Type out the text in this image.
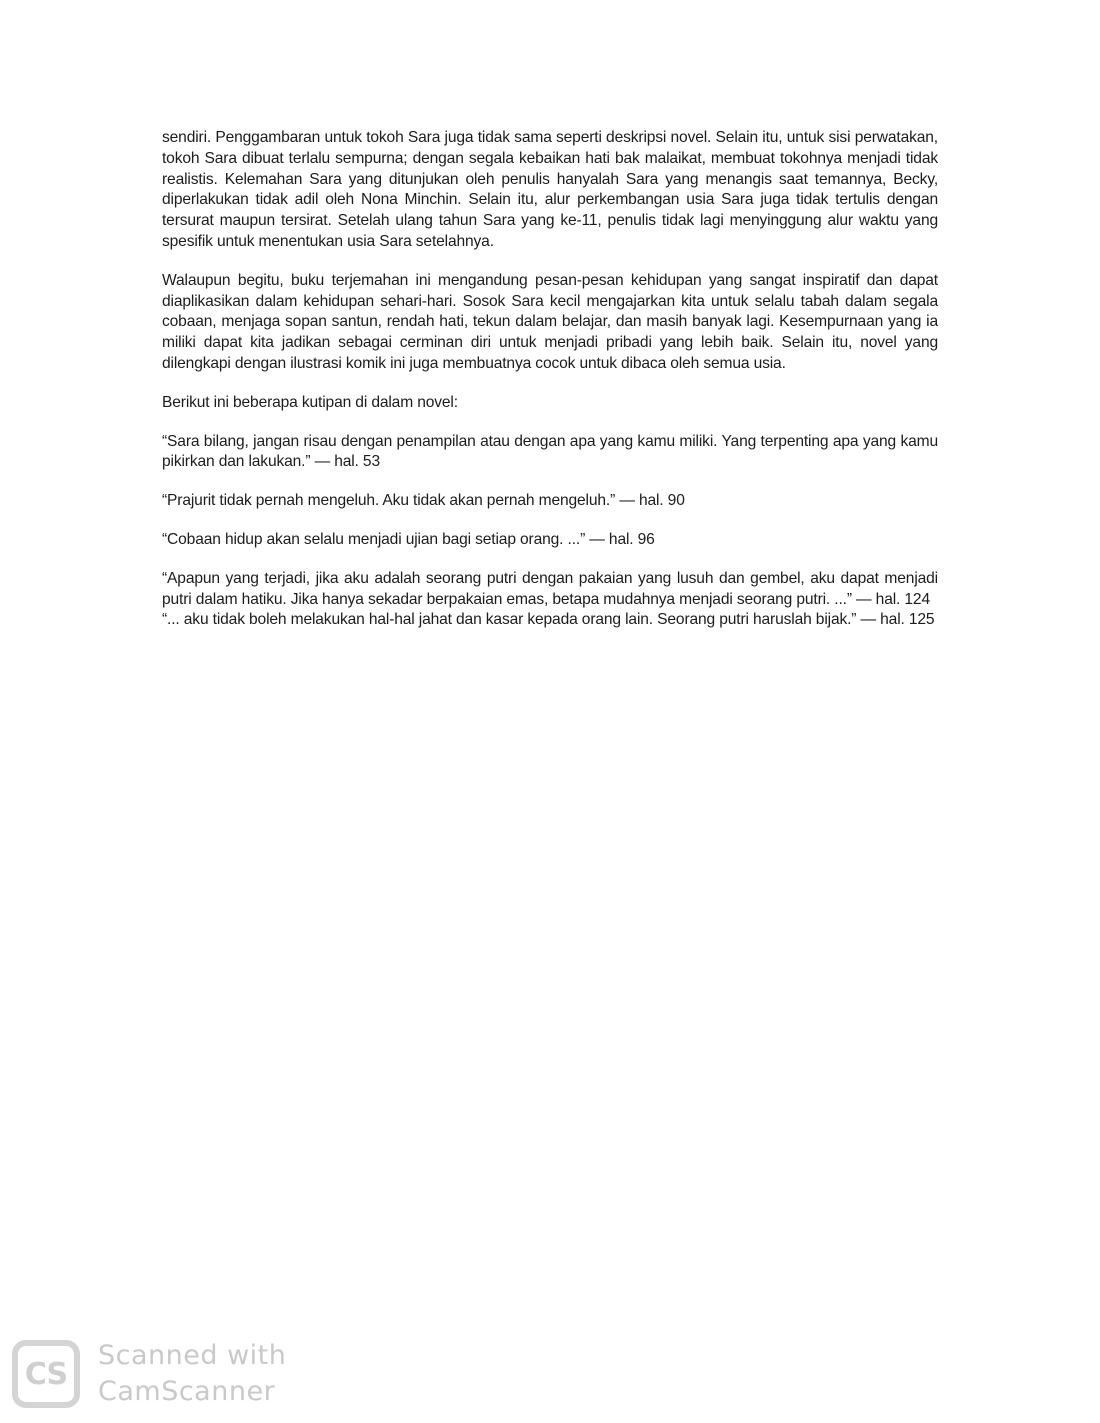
sendiri. Penggambaran untuk tokoh Sara juga tidak sama seperti deskripsi novel. Selain itu, untuk sisi perwatakan, tokoh Sara dibuat terlalu sempurna; dengan segala kebaikan hati bak malaikat, membuat tokohnya menjadi tidak realistis. Kelemahan Sara yang ditunjukan oleh penulis hanyalah Sara yang menangis saat temannya, Becky, diperlakukan tidak adil oleh Nona Minchin. Selain itu, alur perkembangan usia Sara juga tidak tertulis dengan tersurat maupun tersirat. Setelah ulang tahun Sara yang ke-11, penulis tidak lagi menyinggung alur waktu yang spesifik untuk menentukan usia Sara setelahnya.

Walaupun begitu, buku terjemahan ini mengandung pesan-pesan kehidupan yang sangat inspiratif dan dapat diaplikasikan dalam kehidupan sehari-hari. Sosok Sara kecil mengajarkan kita untuk selalu tabah dalam segala cobaan, menjaga sopan santun, rendah hati, tekun dalam belajar, dan masih banyak lagi. Kesempurnaan yang ia miliki dapat kita jadikan sebagai cerminan diri untuk menjadi pribadi yang lebih baik. Selain itu, novel yang dilengkapi dengan ilustrasi komik ini juga membuatnya cocok untuk dibaca oleh semua usia.

Berikut ini beberapa kutipan di dalam novel:

“Sara bilang, jangan risau dengan penampilan atau dengan apa yang kamu miliki. Yang terpenting apa yang kamu pikirkan dan lakukan.” — hal. 53

“Prajurit tidak pernah mengeluh. Aku tidak akan pernah mengeluh.” — hal. 90

“Cobaan hidup akan selalu menjadi ujian bagi setiap orang. ...” — hal. 96

“Apapun yang terjadi, jika aku adalah seorang putri dengan pakaian yang lusuh dan gembel, aku dapat menjadi putri dalam hatiku. Jika hanya sekadar berpakaian emas, betapa mudahnya menjadi seorang putri. ...” — hal. 124

“... aku tidak boleh melakukan hal-hal jahat dan kasar kepada orang lain. Seorang putri haruslah bijak.” — hal. 125

CS
Scanned with
CamScanner
